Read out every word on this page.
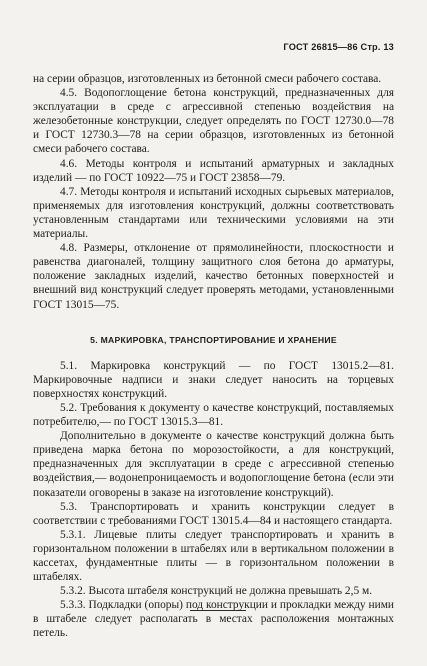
ГОСТ 26815—86 Стр. 13

на серии образцов, изготовленных из бетонной смеси рабочего состава.

4.5. Водопоглощение бетона конструкций, предназначенных для эксплуатации в среде с агрессивной степенью воздействия на железобетонные конструкции, следует определять по ГОСТ 12730.0—78 и ГОСТ 12730.3—78 на серии образцов, изготовленных из бетонной смеси рабочего состава.

4.6. Методы контроля и испытаний арматурных и закладных изделий — по ГОСТ 10922—75 и ГОСТ 23858—79.

4.7. Методы контроля и испытаний исходных сырьевых материалов, применяемых для изготовления конструкций, должны соответствовать установленным стандартами или техническими условиями на эти материалы.

4.8. Размеры, отклонение от прямолинейности, плоскостности и равенства диагоналей, толщину защитного слоя бетона до арматуры, положение закладных изделий, качество бетонных поверхностей и внешний вид конструкций следует проверять методами, установленными ГОСТ 13015—75.

5. МАРКИРОВКА, ТРАНСПОРТИРОВАНИЕ И ХРАНЕНИЕ

5.1. Маркировка конструкций — по ГОСТ 13015.2—81. Маркировочные надписи и знаки следует наносить на торцевых поверхностях конструкций.

5.2. Требования к документу о качестве конструкций, поставляемых потребителю,— по ГОСТ 13015.3—81.

Дополнительно в документе о качестве конструкций должна быть приведена марка бетона по морозостойкости, а для конструкций, предназначенных для эксплуатации в среде с агрессивной степенью воздействия,— водонепроницаемость и водопоглощение бетона (если эти показатели оговорены в заказе на изготовление конструкций).

5.3. Транспортировать и хранить конструкции следует в соответствии с требованиями ГОСТ 13015.4—84 и настоящего стандарта.

5.3.1. Лицевые плиты следует транспортировать и хранить в горизонтальном положении в штабелях или в вертикальном положении в кассетах, фундаментные плиты — в горизонтальном положении в штабелях.

5.3.2. Высота штабеля конструкций не должна превышать 2,5 м.

5.3.3. Подкладки (опоры) под конструкции и прокладки между ними в штабеле следует располагать в местах расположения монтажных петель.
